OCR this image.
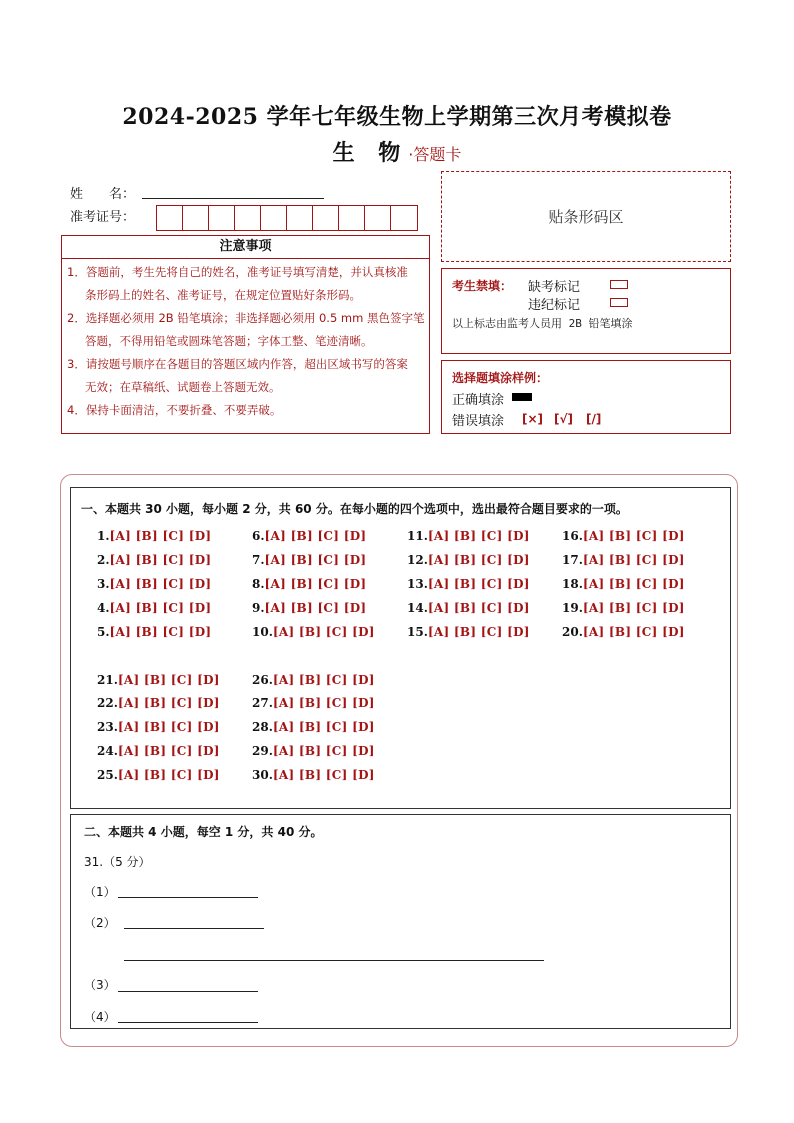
2024-2025 学年七年级生物上学期第三次月考模拟卷
生 物·答题卡
姓　　名：
准考证号：	贴条形码区
注意事项
1．答题前，考生先将自己的姓名，准考证号填写清楚，并认真核准
条形码上的姓名、准考证号，在规定位置贴好条形码。
2．选择题必须用 2B 铅笔填涂；非选择题必须用 0.5 mm 黑色签字笔
答题，不得用铅笔或圆珠笔答题；字体工整、笔迹清晰。
3．请按题号顺序在各题目的答题区域内作答，超出区域书写的答案
无效；在草稿纸、试题卷上答题无效。
4．保持卡面清洁，不要折叠、不要弄破。
考生禁填： 缺考标记
违纪标记
以上标志由监考人员用 2B 铅笔填涂
选择题填涂样例：
正确填涂
错误填涂 [×] [√] [/]
一、本题共 30 小题，每小题 2 分，共 60 分。在每小题的四个选项中，选出最符合题目要求的一项。
1.[A] [B] [C] [D]
2.[A] [B] [C] [D]
3.[A] [B] [C] [D]
4.[A] [B] [C] [D]
5.[A] [B] [C] [D]
6.[A] [B] [C] [D]
7.[A] [B] [C] [D]
8.[A] [B] [C] [D]
9.[A] [B] [C] [D]
10.[A] [B] [C] [D]
11.[A] [B] [C] [D]
12.[A] [B] [C] [D]
13.[A] [B] [C] [D]
14.[A] [B] [C] [D]
15.[A] [B] [C] [D]
16.[A] [B] [C] [D]
17.[A] [B] [C] [D]
18.[A] [B] [C] [D]
19.[A] [B] [C] [D]
20.[A] [B] [C] [D]
21.[A] [B] [C] [D]
22.[A] [B] [C] [D]
23.[A] [B] [C] [D]
24.[A] [B] [C] [D]
25.[A] [B] [C] [D]
26.[A] [B] [C] [D]
27.[A] [B] [C] [D]
28.[A] [B] [C] [D]
29.[A] [B] [C] [D]
30.[A] [B] [C] [D]
二、本题共 4 小题，每空 1 分，共 40 分。
31.（5 分）
（1）
（2）
（3）
（4）
